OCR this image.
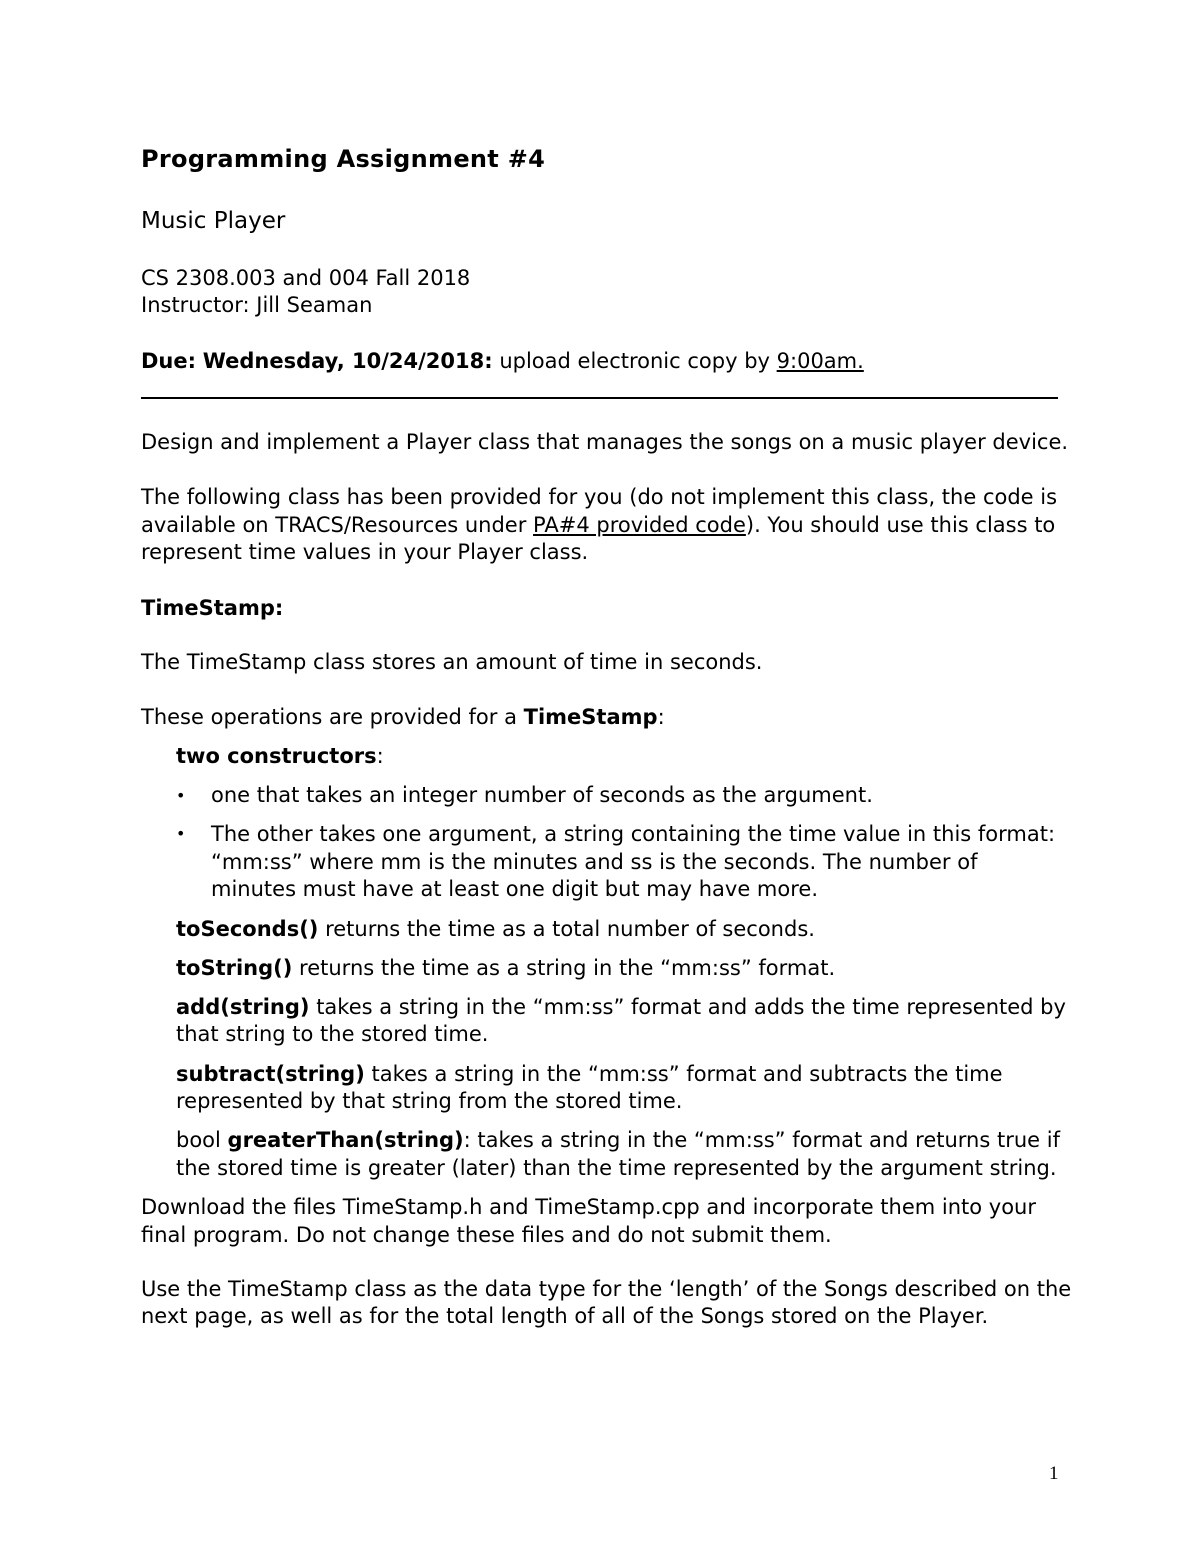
Programming Assignment #4
Music Player
CS 2308.003 and 004 Fall 2018
Instructor: Jill Seaman
Due: Wednesday, 10/24/2018: upload electronic copy by 9:00am.
Design and implement a Player class that manages the songs on a music player device.
The following class has been provided for you (do not implement this class, the code is
available on TRACS/Resources under PA#4 provided code). You should use this class to
represent time values in your Player class.
TimeStamp:
The TimeStamp class stores an amount of time in seconds.
These operations are provided for a TimeStamp:
two constructors:
• one that takes an integer number of seconds as the argument.
• The other takes one argument, a string containing the time value in this format:
“mm:ss” where mm is the minutes and ss is the seconds. The number of
minutes must have at least one digit but may have more.
toSeconds() returns the time as a total number of seconds.
toString() returns the time as a string in the “mm:ss” format.
add(string) takes a string in the “mm:ss” format and adds the time represented by
that string to the stored time.
subtract(string) takes a string in the “mm:ss” format and subtracts the time
represented by that string from the stored time.
bool greaterThan(string): takes a string in the “mm:ss” format and returns true if
the stored time is greater (later) than the time represented by the argument string.
Download the files TimeStamp.h and TimeStamp.cpp and incorporate them into your
final program. Do not change these files and do not submit them.
Use the TimeStamp class as the data type for the ‘length’ of the Songs described on the
next page, as well as for the total length of all of the Songs stored on the Player.
1
